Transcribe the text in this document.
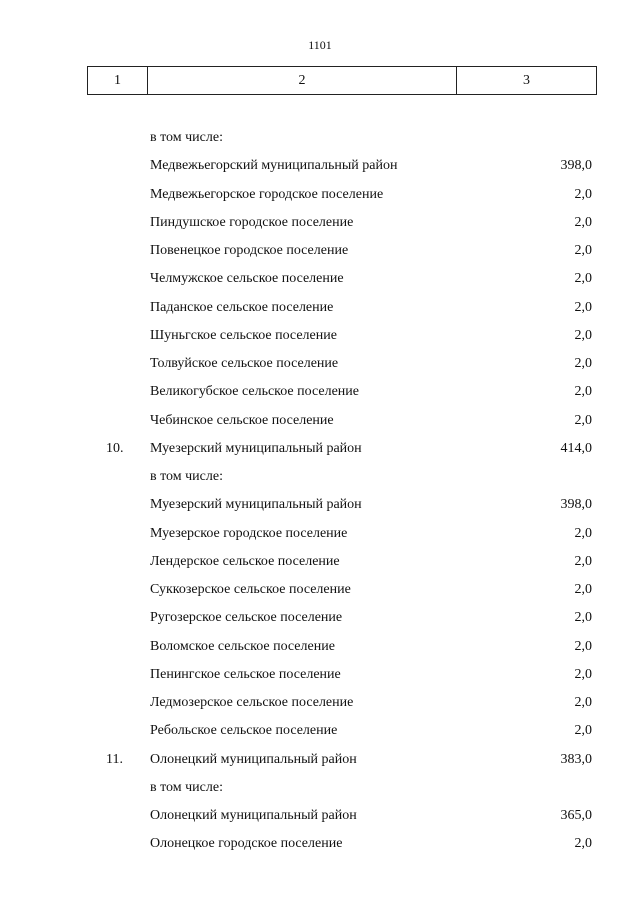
1101
1	2	3
в том числе:
Медвежьегорский муниципальный район	398,0
Медвежьегорское городское поселение	2,0
Пиндушское городское поселение	2,0
Повенецкое городское поселение	2,0
Челмужское сельское поселение	2,0
Паданское сельское поселение	2,0
Шуньгское сельское поселение	2,0
Толвуйское сельское поселение	2,0
Великогубское сельское поселение	2,0
Чебинское сельское поселение	2,0
10. Муезерский муниципальный район	414,0
в том числе:
Муезерский муниципальный район	398,0
Муезерское городское поселение	2,0
Лендерское сельское поселение	2,0
Суккозерское сельское поселение	2,0
Ругозерское сельское поселение	2,0
Воломское сельское поселение	2,0
Пенингское сельское поселение	2,0
Ледмозерское сельское поселение	2,0
Ребольское сельское поселение	2,0
11. Олонецкий муниципальный район	383,0
в том числе:
Олонецкий муниципальный район	365,0
Олонецкое городское поселение	2,0
